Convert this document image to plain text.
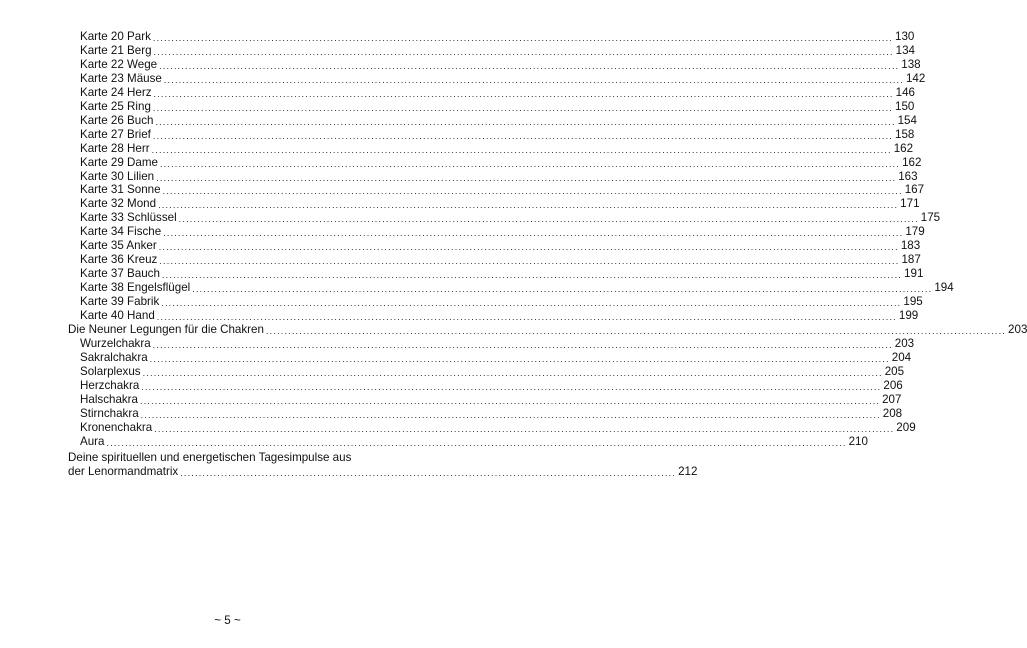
Karte 20 Park ........................................................................................................................................................................................................ 130
Karte 21 Berg ........................................................................................................................................................................................................ 134
Karte 22 Wege ........................................................................................................................................................................................................ 138
Karte 23 Mäuse ........................................................................................................................................................................................................ 142
Karte 24 Herz ........................................................................................................................................................................................................ 146
Karte 25 Ring ........................................................................................................................................................................................................ 150
Karte 26 Buch ........................................................................................................................................................................................................ 154
Karte 27 Brief ........................................................................................................................................................................................................ 158
Karte 28 Herr ........................................................................................................................................................................................................ 162
Karte 29 Dame ........................................................................................................................................................................................................ 162
Karte 30 Lilien ........................................................................................................................................................................................................ 163
Karte 31 Sonne ........................................................................................................................................................................................................ 167
Karte 32 Mond ........................................................................................................................................................................................................ 171
Karte 33 Schlüssel ........................................................................................................................................................................................................ 175
Karte 34 Fische ........................................................................................................................................................................................................ 179
Karte 35 Anker ........................................................................................................................................................................................................ 183
Karte 36 Kreuz ........................................................................................................................................................................................................ 187
Karte 37 Bauch ........................................................................................................................................................................................................ 191
Karte 38 Engelsflügel ........................................................................................................................................................................................................ 194
Karte 39 Fabrik ........................................................................................................................................................................................................ 195
Karte 40 Hand ........................................................................................................................................................................................................ 199
Die Neuner Legungen für die Chakren ........................................................................................................................................................................................................ 203
Wurzelchakra ........................................................................................................................................................................................................ 203
Sakralchakra ........................................................................................................................................................................................................ 204
Solarplexus ........................................................................................................................................................................................................ 205
Herzchakra ........................................................................................................................................................................................................ 206
Halschakra ........................................................................................................................................................................................................ 207
Stirnchakra ........................................................................................................................................................................................................ 208
Kronenchakra ........................................................................................................................................................................................................ 209
Aura ........................................................................................................................................................................................................ 210
Deine spirituellen und energetischen Tagesimpulse aus
der Lenormandmatrix ...................................................................................................................................... 212
~ 5 ~
